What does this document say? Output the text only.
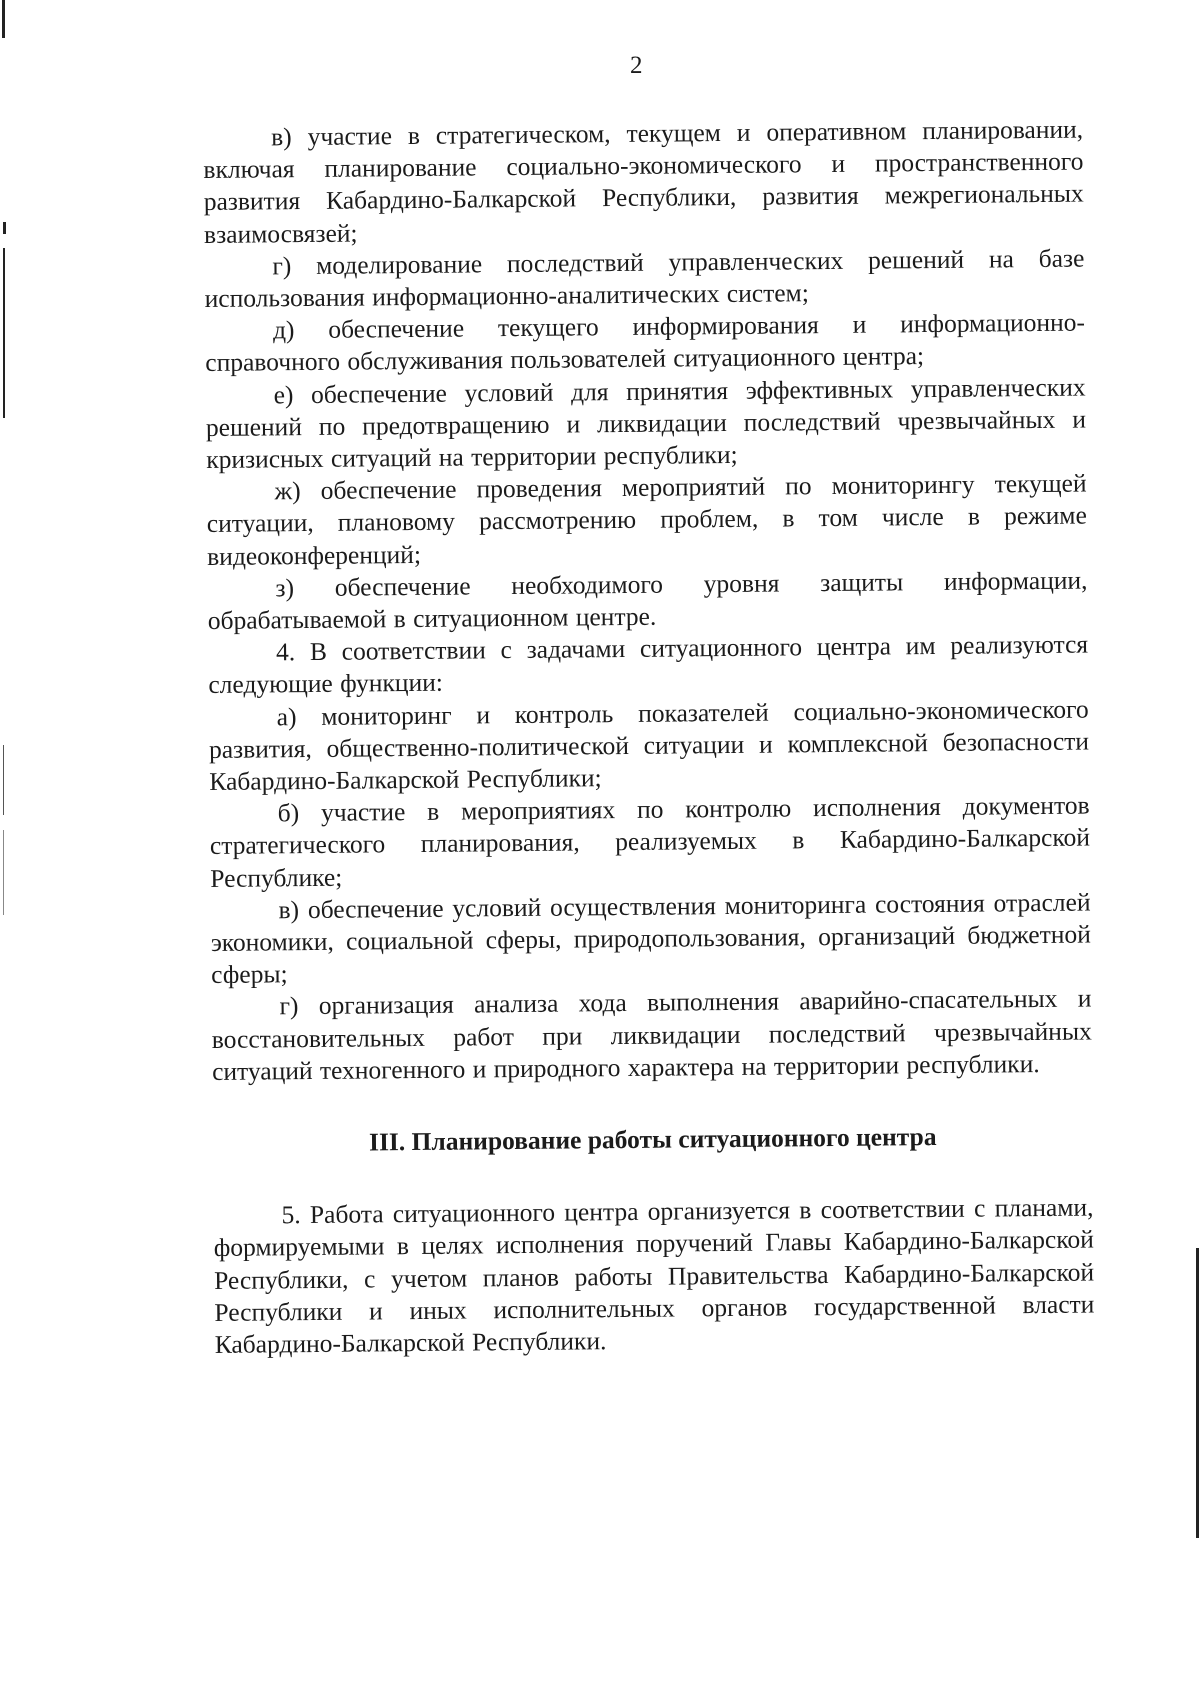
2

в) участие в стратегическом, текущем и оперативном планировании, включая планирование социально-экономического и пространственного развития Кабардино-Балкарской Республики, развития межрегиональных взаимосвязей;

г) моделирование последствий управленческих решений на базе использования информационно-аналитических систем;

д) обеспечение текущего информирования и информационно-справочного обслуживания пользователей ситуационного центра;

е) обеспечение условий для принятия эффективных управленческих решений по предотвращению и ликвидации последствий чрезвычайных и кризисных ситуаций на территории республики;

ж) обеспечение проведения мероприятий по мониторингу текущей ситуации, плановому рассмотрению проблем, в том числе в режиме видеоконференций;

з) обеспечение необходимого уровня защиты информации, обрабатываемой в ситуационном центре.

4. В соответствии с задачами ситуационного центра им реализуются следующие функции:

а) мониторинг и контроль показателей социально-экономического развития, общественно-политической ситуации и комплексной безопасности Кабардино-Балкарской Республики;

б) участие в мероприятиях по контролю исполнения документов стратегического планирования, реализуемых в Кабардино-Балкарской Республике;

в) обеспечение условий осуществления мониторинга состояния отраслей экономики, социальной сферы, природопользования, организаций бюджетной сферы;

г) организация анализа хода выполнения аварийно-спасательных и восстановительных работ при ликвидации последствий чрезвычайных ситуаций техногенного и природного характера на территории республики.

III. Планирование работы ситуационного центра

5. Работа ситуационного центра организуется в соответствии с планами, формируемыми в целях исполнения поручений Главы Кабардино-Балкарской Республики, с учетом планов работы Правительства Кабардино-Балкарской Республики и иных исполнительных органов государственной власти Кабардино-Балкарской Республики.
